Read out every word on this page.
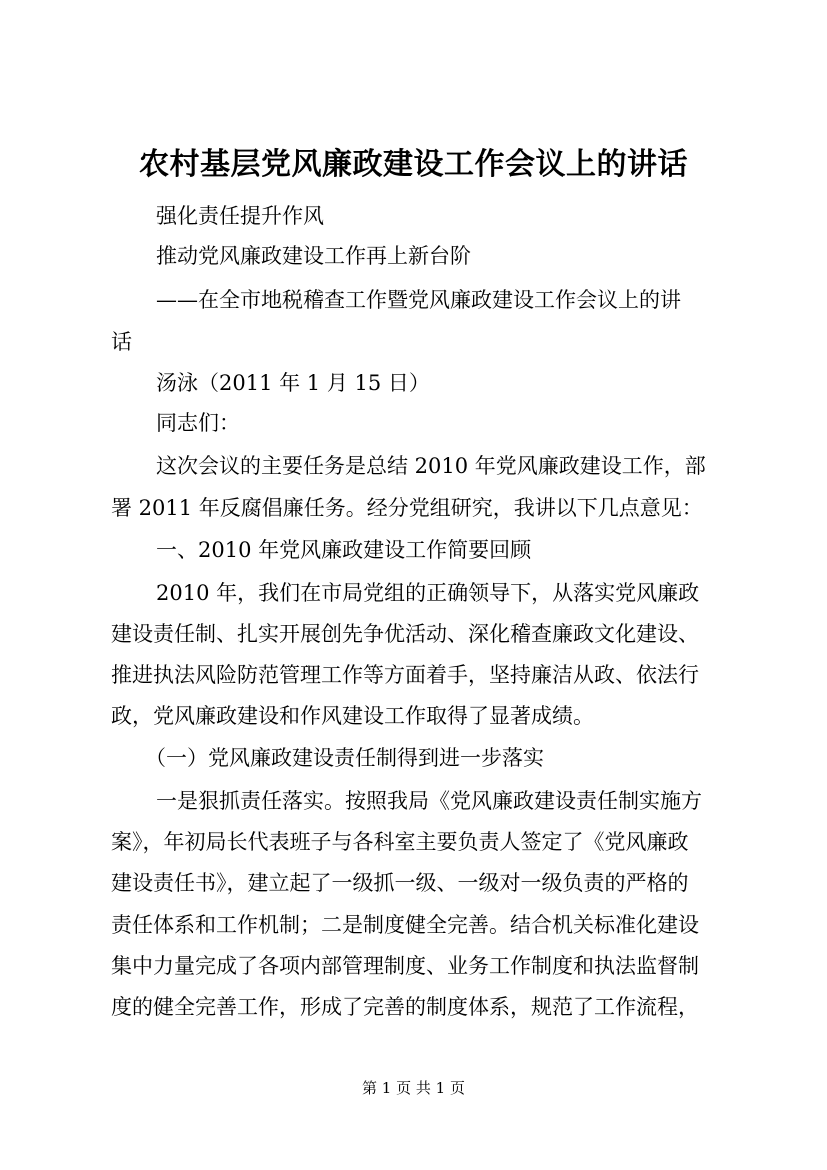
农村基层党风廉政建设工作会议上的讲话
强化责任提升作风
推动党风廉政建设工作再上新台阶
——在全市地税稽查工作暨党风廉政建设工作会议上的讲
话
汤泳（2011 年 1 月 15 日）
同志们：
这次会议的主要任务是总结 2010 年党风廉政建设工作，部
署 2011 年反腐倡廉任务。经分党组研究，我讲以下几点意见：
一、2010 年党风廉政建设工作简要回顾
2010 年，我们在市局党组的正确领导下，从落实党风廉政
建设责任制、扎实开展创先争优活动、深化稽查廉政文化建设、
推进执法风险防范管理工作等方面着手，坚持廉洁从政、依法行
政，党风廉政建设和作风建设工作取得了显著成绩。
（一）党风廉政建设责任制得到进一步落实
一是狠抓责任落实。按照我局《党风廉政建设责任制实施方
案》，年初局长代表班子与各科室主要负责人签定了《党风廉政
建设责任书》，建立起了一级抓一级、一级对一级负责的严格的
责任体系和工作机制；二是制度健全完善。结合机关标准化建设
集中力量完成了各项内部管理制度、业务工作制度和执法监督制
度的健全完善工作，形成了完善的制度体系，规范了工作流程，
第 1 页 共 1 页
